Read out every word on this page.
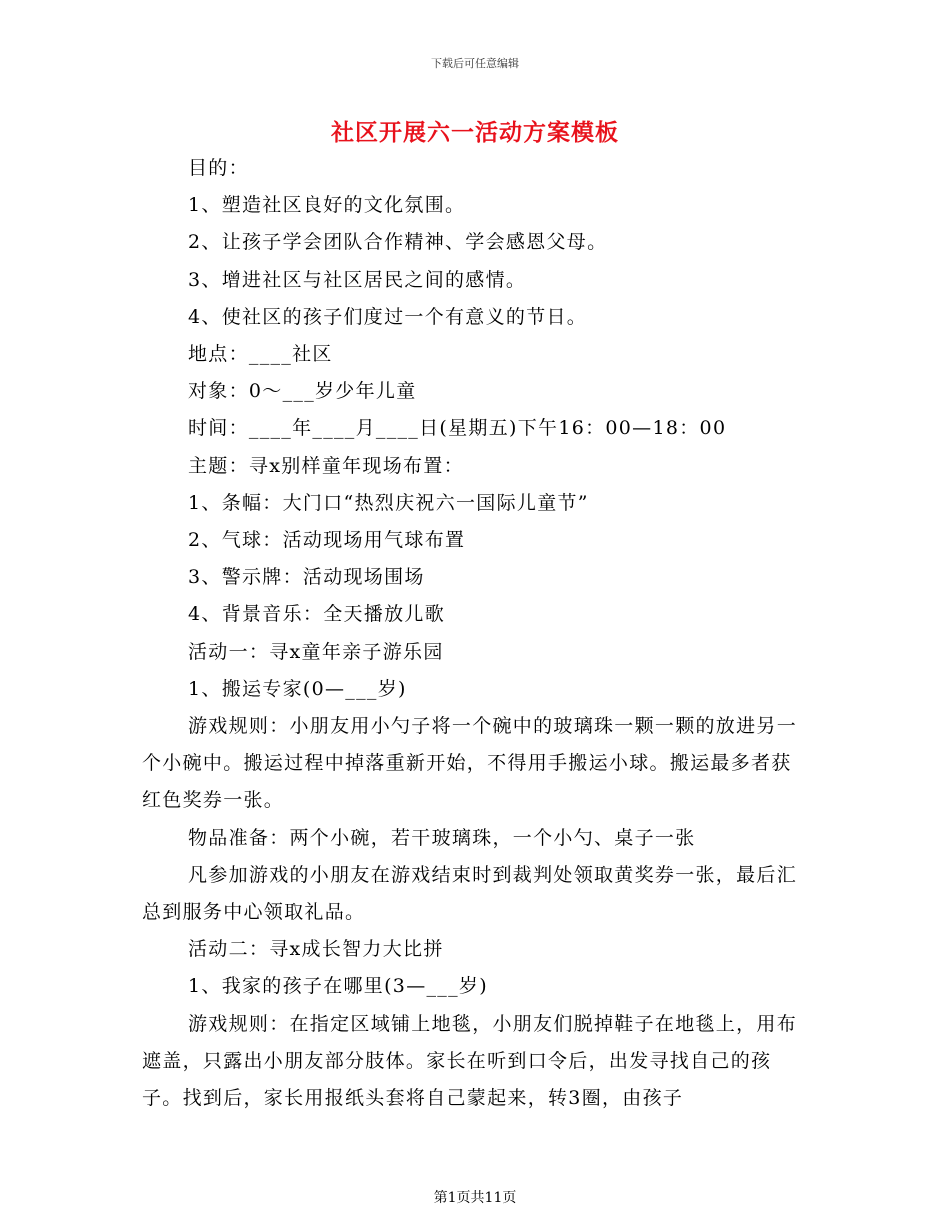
下载后可任意编辑
社区开展六一活动方案模板

目的：

1、塑造社区良好的文化氛围。

2、让孩子学会团队合作精神、学会感恩父母。

3、增进社区与社区居民之间的感情。

4、使社区的孩子们度过一个有意义的节日。

地点：____社区

对象：0～___岁少年儿童

时间：____年____月____日(星期五)下午16：00—18：00

主题：寻x别样童年现场布置：

1、条幅：大门口“热烈庆祝六一国际儿童节”

2、气球：活动现场用气球布置

3、警示牌：活动现场围场

4、背景音乐：全天播放儿歌

活动一：寻x童年亲子游乐园

1、搬运专家(0—___岁)

游戏规则：小朋友用小勺子将一个碗中的玻璃珠一颗一颗的放进另一个小碗中。搬运过程中掉落重新开始，不得用手搬运小球。搬运最多者获红色奖券一张。

物品准备：两个小碗，若干玻璃珠，一个小勺、桌子一张

凡参加游戏的小朋友在游戏结束时到裁判处领取黄奖券一张，最后汇总到服务中心领取礼品。

活动二：寻x成长智力大比拼

1、我家的孩子在哪里(3—___岁)

游戏规则：在指定区域铺上地毯，小朋友们脱掉鞋子在地毯上，用布遮盖，只露出小朋友部分肢体。家长在听到口令后，出发寻找自己的孩子。找到后，家长用报纸头套将自己蒙起来，转3圈，由孩子

第1页共11页
